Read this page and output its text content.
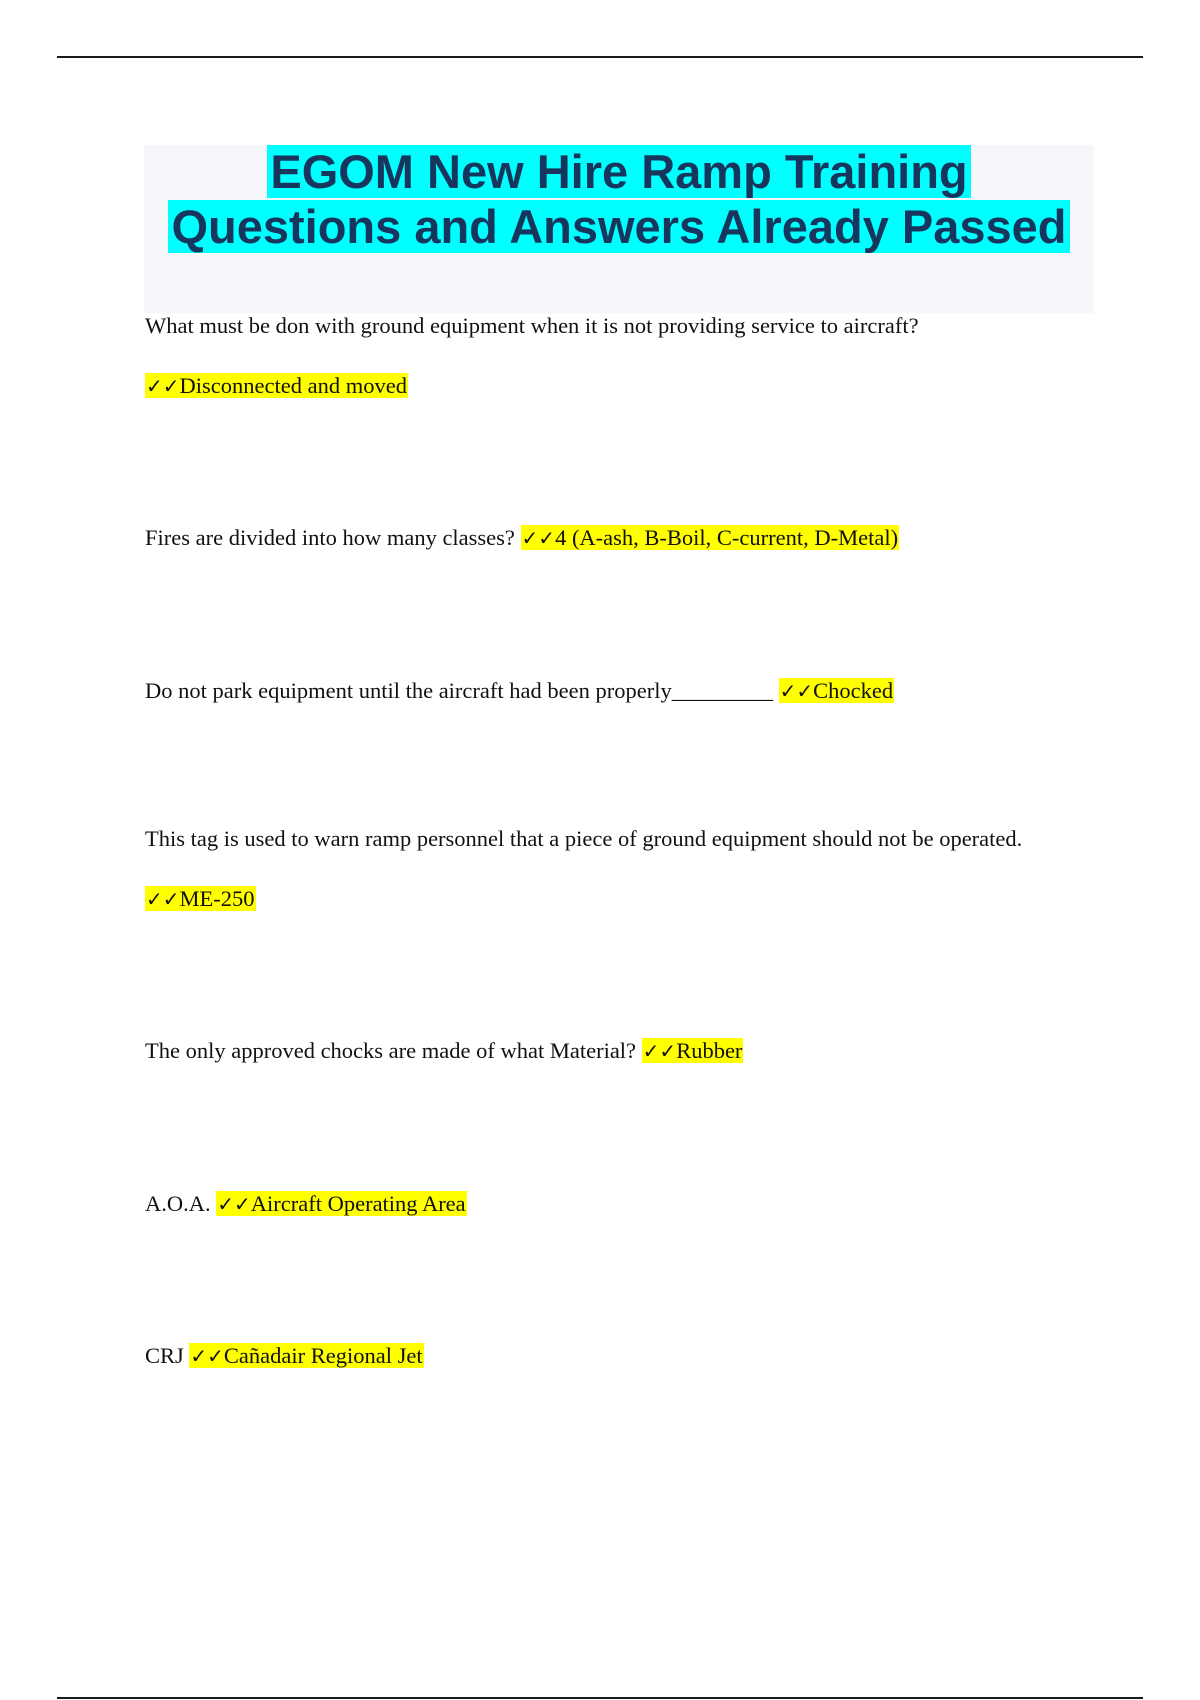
EGOM New Hire Ramp Training
Questions and Answers Already Passed
What must be don with ground equipment when it is not providing service to aircraft?
✓✓Disconnected and moved
Fires are divided into how many classes? ✓✓4 (A-ash, B-Boil, C-current, D-Metal)
Do not park equipment until the aircraft had been properly_________ ✓✓Chocked
This tag is used to warn ramp personnel that a piece of ground equipment should not be operated.
✓✓ME-250
The only approved chocks are made of what Material? ✓✓Rubber
A.O.A. ✓✓Aircraft Operating Area
CRJ ✓✓Cañadair Regional Jet
